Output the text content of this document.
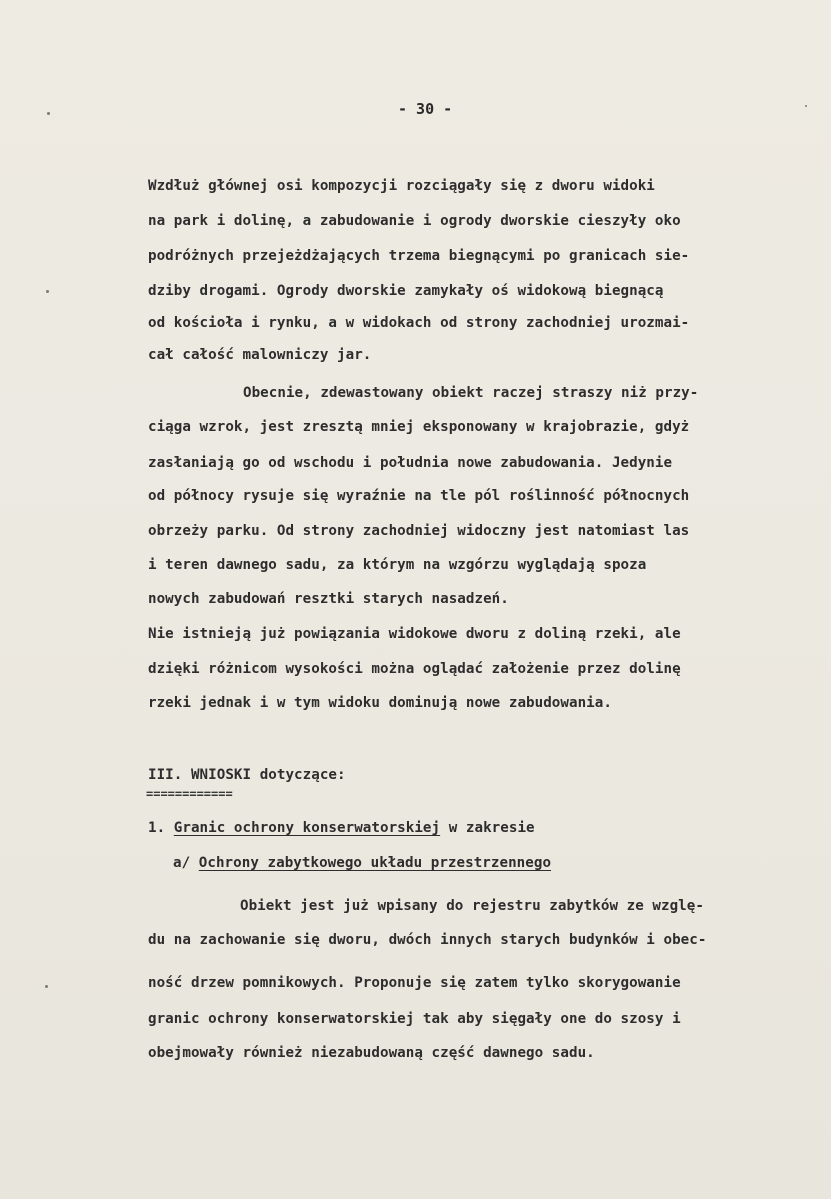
- 30 -

Wzdłuż głównej osi kompozycji rozciągały się z dworu widoki

na park i dolinę, a zabudowanie i ogrody dworskie cieszyły oko

podróżnych przejeżdżających trzema biegnącymi po granicach sie-

dziby drogami. Ogrody dworskie zamykały oś widokową biegnącą

od kościoła i rynku, a w widokach od strony zachodniej urozmai-

cał całość malowniczy jar.

Obecnie, zdewastowany obiekt raczej straszy niż przy-

ciąga wzrok, jest zresztą mniej eksponowany w krajobrazie, gdyż

zasłaniają go od wschodu i południa nowe zabudowania. Jedynie

od północy rysuje się wyraźnie na tle pól roślinność północnych

obrzeży parku. Od strony zachodniej widoczny jest natomiast las

i teren dawnego sadu, za którym na wzgórzu wyglądają spoza

nowych zabudowań resztki starych nasadzeń.

Nie istnieją już powiązania widokowe dworu z doliną rzeki, ale

dzięki różnicom wysokości można oglądać założenie przez dolinę

rzeki jednak i w tym widoku dominują nowe zabudowania.

III. WNIOSKI dotyczące:

============

1. Granic ochrony konserwatorskiej w zakresie

a/ Ochrony zabytkowego układu przestrzennego

Obiekt jest już wpisany do rejestru zabytków ze wzglę-

du na zachowanie się dworu, dwóch innych starych budynków i obec-

ność drzew pomnikowych. Proponuje się zatem tylko skorygowanie

granic ochrony konserwatorskiej tak aby sięgały one do szosy i

obejmowały również niezabudowaną część dawnego sadu.
